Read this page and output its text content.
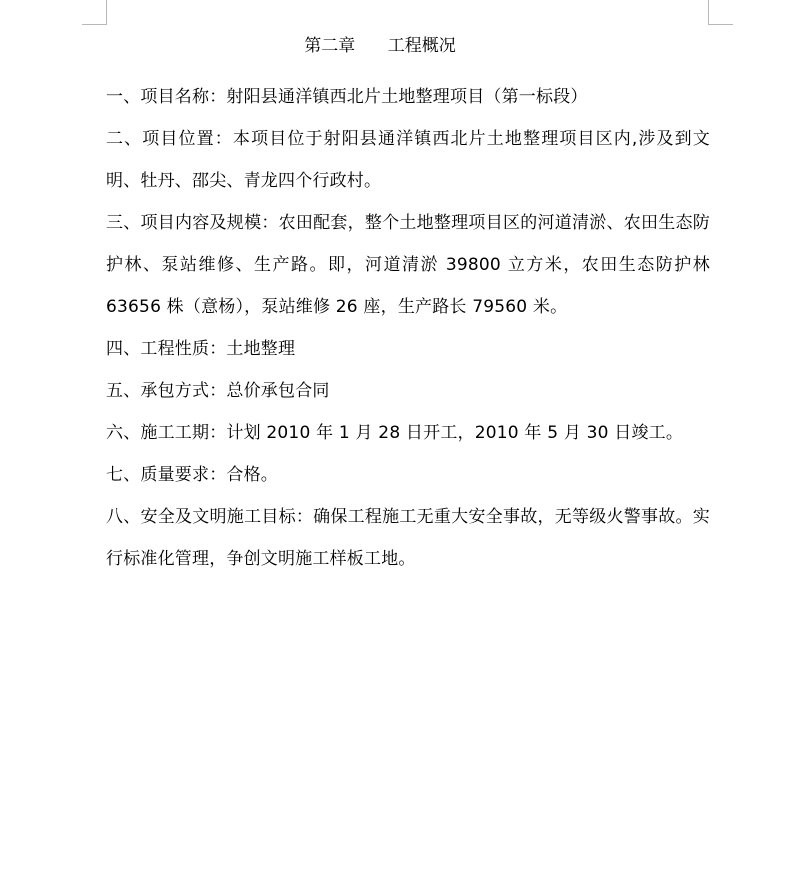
第二章      工程概况

一、项目名称：射阳县通洋镇西北片土地整理项目（第一标段）

二、项目位置：本项目位于射阳县通洋镇西北片土地整理项目区内,涉及到文明、牡丹、邵尖、青龙四个行政村。

三、项目内容及规模：农田配套，整个土地整理项目区的河道清淤、农田生态防护林、泵站维修、生产路。即，河道清淤 39800 立方米，农田生态防护林 63656 株（意杨），泵站维修 26 座，生产路长 79560 米。

四、工程性质：土地整理

五、承包方式：总价承包合同

六、施工工期：计划 2010 年 1 月 28 日开工，2010 年 5 月 30 日竣工。

七、质量要求：合格。

八、安全及文明施工目标：确保工程施工无重大安全事故，无等级火警事故。实行标准化管理，争创文明施工样板工地。
